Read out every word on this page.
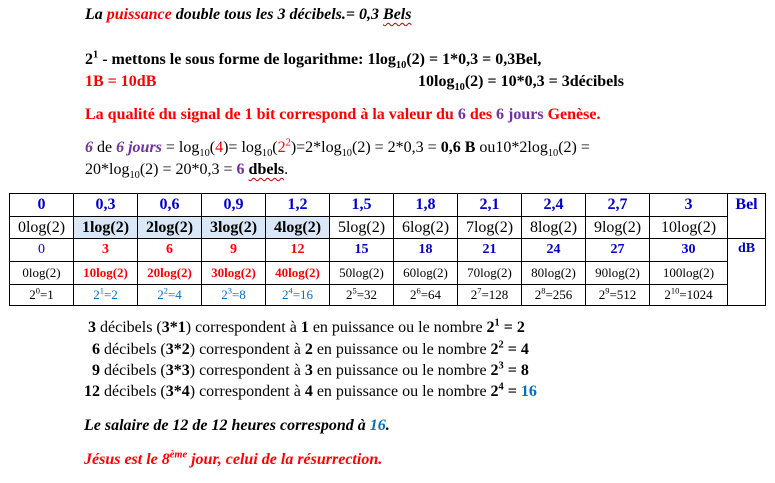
La puissance double tous les 3 décibels.= 0,3 Bels
$2^1$ - mettons le sous forme de logarithme: $1\log_{10}(2) = 1*0,3 = 0,3Bel$,
1B = 10dB	$10\log_{10}(2) = 10*0,3$ = 3décibels
La qualité du signal de 1 bit correspond à la valeur du 6 des 6 jours Genèse.
6 de 6 jours = $\log_{10}(4)= \log_{10}(2^2)=2*\log_{10}(2) = 2*0,3 = 0,6$ B $ou10*2\log_{10}(2)$ =
$20*\log_{10}(2) = 20*0,3 = 6$ dbels.
0	0,3	0,6	0,9	1,2	1,5	1,8	2,1	2,4	2,7	3	Bel
0log(2)	1log(2)	2log(2)	3log(2)	4log(2)	5log(2)	6log(2)	7log(2)	8log(2)	9log(2)	10log(2)	
0	3	6	9	12	15	18	21	24	27	30	dB
0log(2)	10log(2)	20log(2)	30log(2)	40log(2)	50log(2)	60log(2)	70log(2)	80log(2)	90log(2)	100log(2)	
$2^0=1$	$2^1=2$	$2^2=4$	$2^3=8$	$2^4=16$	$2^5=32$	$2^6=64$	$2^7=128$	$2^8=256$	$2^9=512$	$2^{10}=1024$	
3 décibels (3*1) correspondent à 1 en puissance ou le nombre $2^1 = 2$
6 décibels (3*2) correspondent à 2 en puissance ou le nombre $2^2 = 4$
9 décibels (3*3) correspondent à 3 en puissance ou le nombre $2^3 = 8$
12 décibels (3*4) correspondent à 4 en puissance ou le nombre $2^4 = 16$
Le salaire de 12 de 12 heures correspond à 16.
Jésus est le 8ème jour, celui de la résurrection.
